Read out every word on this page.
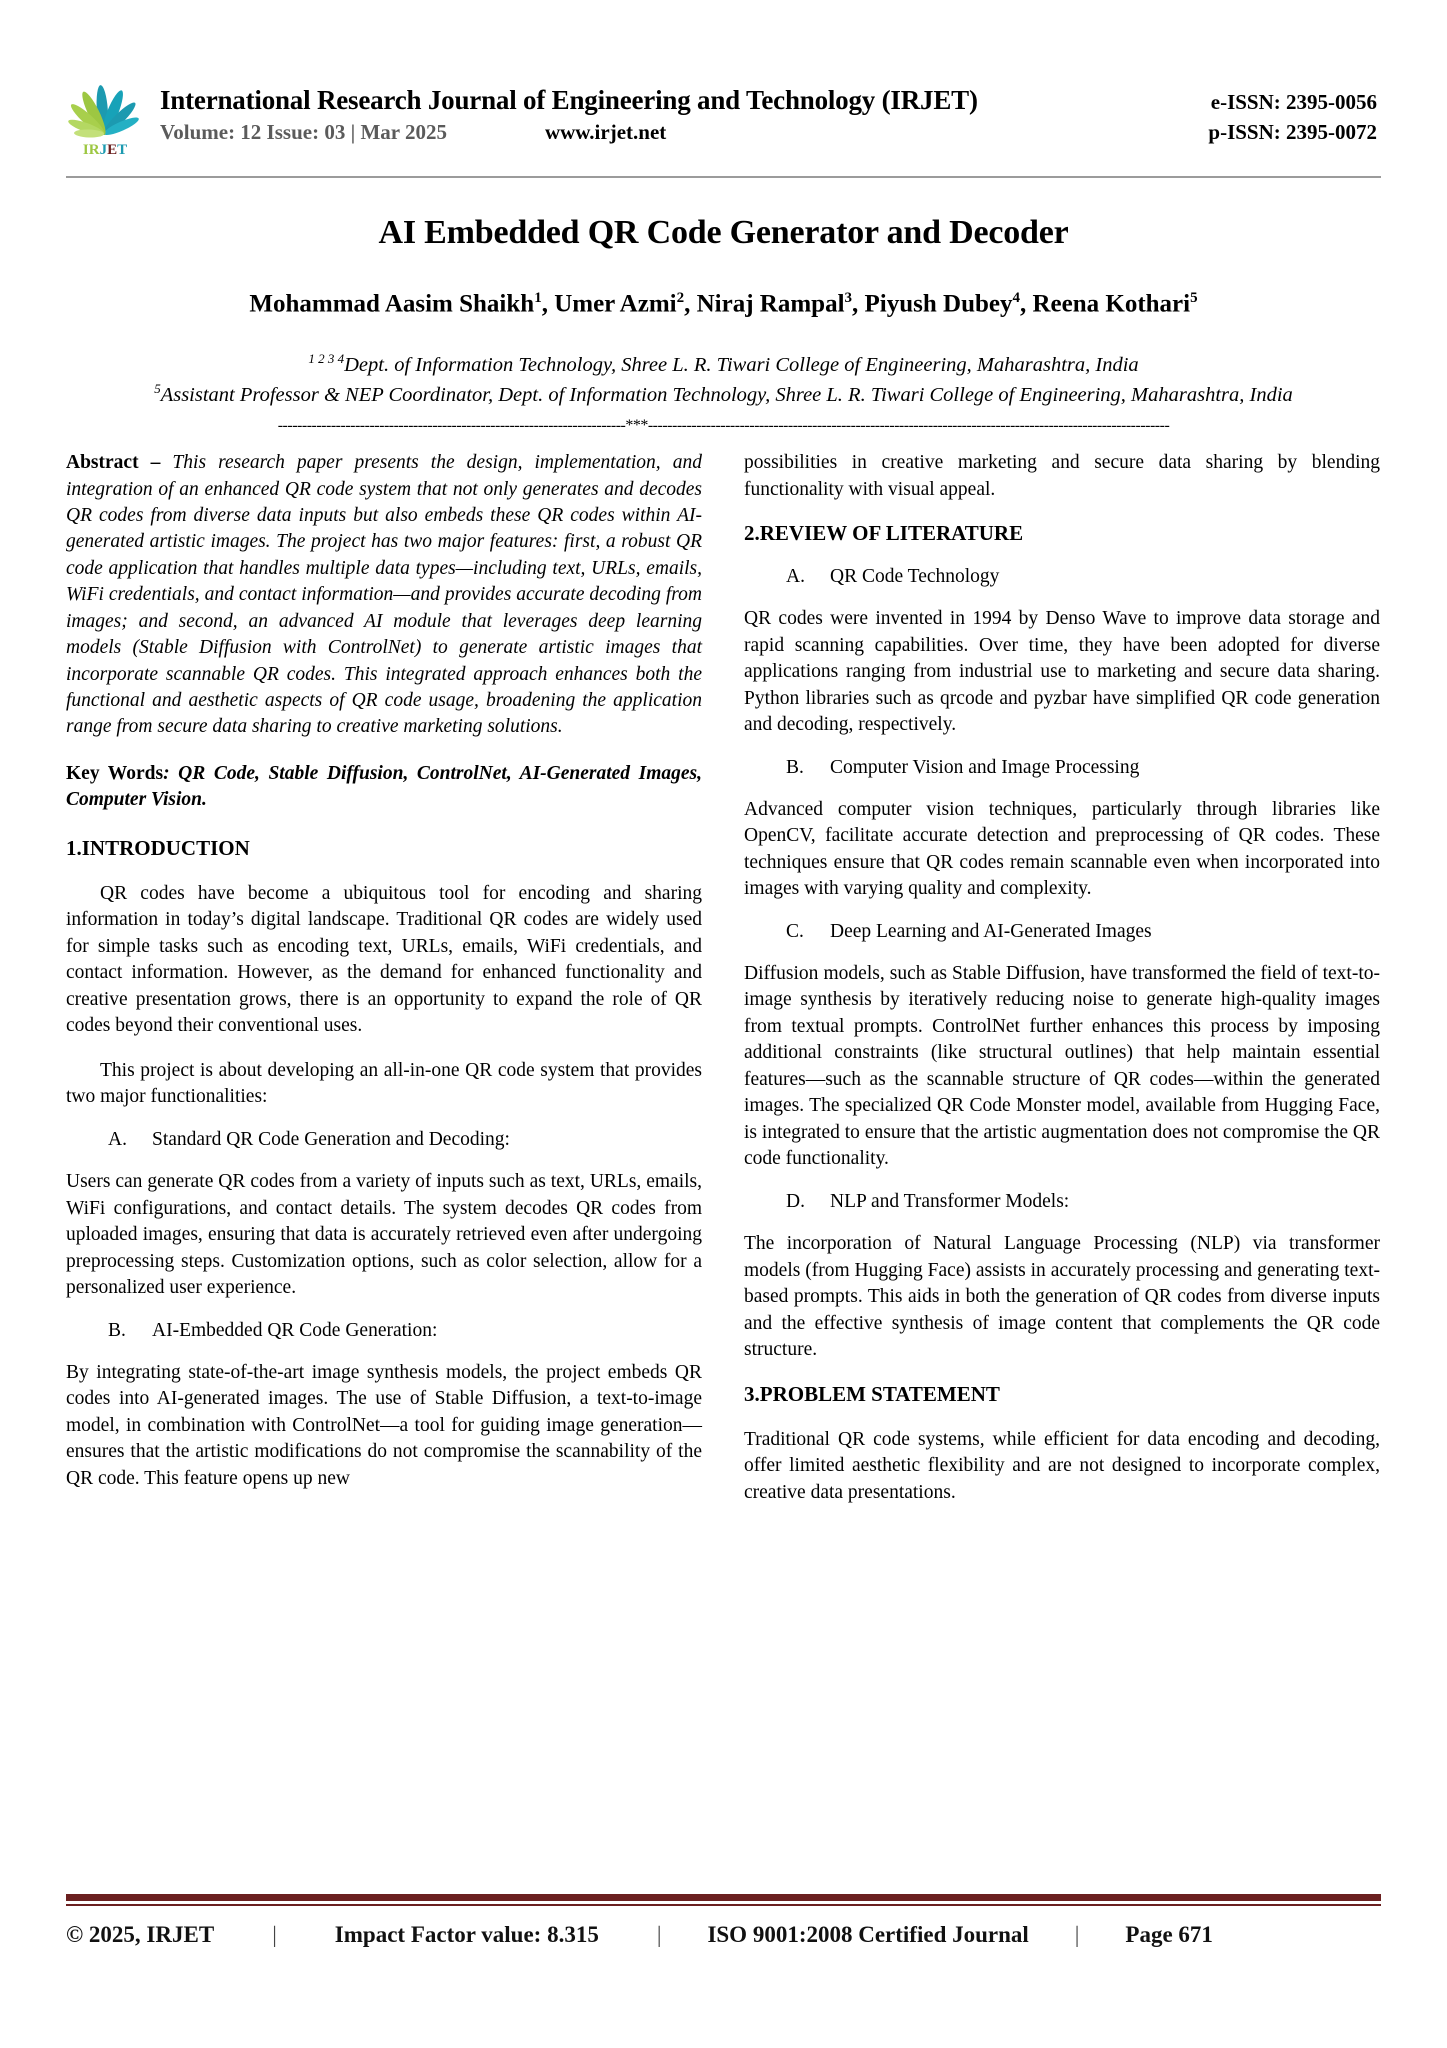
IRJET
International Research Journal of Engineering and Technology (IRJET)	e-ISSN: 2395-0056
Volume: 12 Issue: 03 | Mar 2025	www.irjet.net	p-ISSN: 2395-0072
AI Embedded QR Code Generator and Decoder
Mohammad Aasim Shaikh$^1$, Umer Azmi$^2$, Niraj Rampal$^3$, Piyush Dubey$^4$, Reena Kothari$^5$
$^{1 2 3 4}$Dept. of Information Technology, Shree L. R. Tiwari College of Engineering, Maharashtra, India
$^5$Assistant Professor & NEP Coordinator, Dept. of Information Technology, Shree L. R. Tiwari College of Engineering, Maharashtra, India
------------------------------------------------------------------------***------------------------------------------------------------------------------------------------------------

Abstract – This research paper presents the design, implementation, and integration of an enhanced QR code system that not only generates and decodes QR codes from diverse data inputs but also embeds these QR codes within AI-generated artistic images. The project has two major features: first, a robust QR code application that handles multiple data types—including text, URLs, emails, WiFi credentials, and contact information—and provides accurate decoding from images; and second, an advanced AI module that leverages deep learning models (Stable Diffusion with ControlNet) to generate artistic images that incorporate scannable QR codes. This integrated approach enhances both the functional and aesthetic aspects of QR code usage, broadening the application range from secure data sharing to creative marketing solutions.

Key Words: QR Code, Stable Diffusion, ControlNet, AI-Generated Images, Computer Vision.

1.INTRODUCTION

QR codes have become a ubiquitous tool for encoding and sharing information in today’s digital landscape. Traditional QR codes are widely used for simple tasks such as encoding text, URLs, emails, WiFi credentials, and contact information. However, as the demand for enhanced functionality and creative presentation grows, there is an opportunity to expand the role of QR codes beyond their conventional uses.

This project is about developing an all-in-one QR code system that provides two major functionalities:

A. Standard QR Code Generation and Decoding:

Users can generate QR codes from a variety of inputs such as text, URLs, emails, WiFi configurations, and contact details. The system decodes QR codes from uploaded images, ensuring that data is accurately retrieved even after undergoing preprocessing steps. Customization options, such as color selection, allow for a personalized user experience.

B. AI-Embedded QR Code Generation:

By integrating state-of-the-art image synthesis models, the project embeds QR codes into AI-generated images. The use of Stable Diffusion, a text-to-image model, in combination with ControlNet—a tool for guiding image generation—ensures that the artistic modifications do not compromise the scannability of the QR code. This feature opens up new

possibilities in creative marketing and secure data sharing by blending functionality with visual appeal.

2.REVIEW OF LITERATURE

A. QR Code Technology

QR codes were invented in 1994 by Denso Wave to improve data storage and rapid scanning capabilities. Over time, they have been adopted for diverse applications ranging from industrial use to marketing and secure data sharing. Python libraries such as qrcode and pyzbar have simplified QR code generation and decoding, respectively.

B. Computer Vision and Image Processing

Advanced computer vision techniques, particularly through libraries like OpenCV, facilitate accurate detection and preprocessing of QR codes. These techniques ensure that QR codes remain scannable even when incorporated into images with varying quality and complexity.

C. Deep Learning and AI-Generated Images

Diffusion models, such as Stable Diffusion, have transformed the field of text-to-image synthesis by iteratively reducing noise to generate high-quality images from textual prompts. ControlNet further enhances this process by imposing additional constraints (like structural outlines) that help maintain essential features—such as the scannable structure of QR codes—within the generated images. The specialized QR Code Monster model, available from Hugging Face, is integrated to ensure that the artistic augmentation does not compromise the QR code functionality.

D. NLP and Transformer Models:

The incorporation of Natural Language Processing (NLP) via transformer models (from Hugging Face) assists in accurately processing and generating text-based prompts. This aids in both the generation of QR codes from diverse inputs and the effective synthesis of image content that complements the QR code structure.

3.PROBLEM STATEMENT

Traditional QR code systems, while efficient for data encoding and decoding, offer limited aesthetic flexibility and are not designed to incorporate complex, creative data presentations.

© 2025, IRJET	|	Impact Factor value: 8.315	| ISO 9001:2008 Certified Journal | Page 671
